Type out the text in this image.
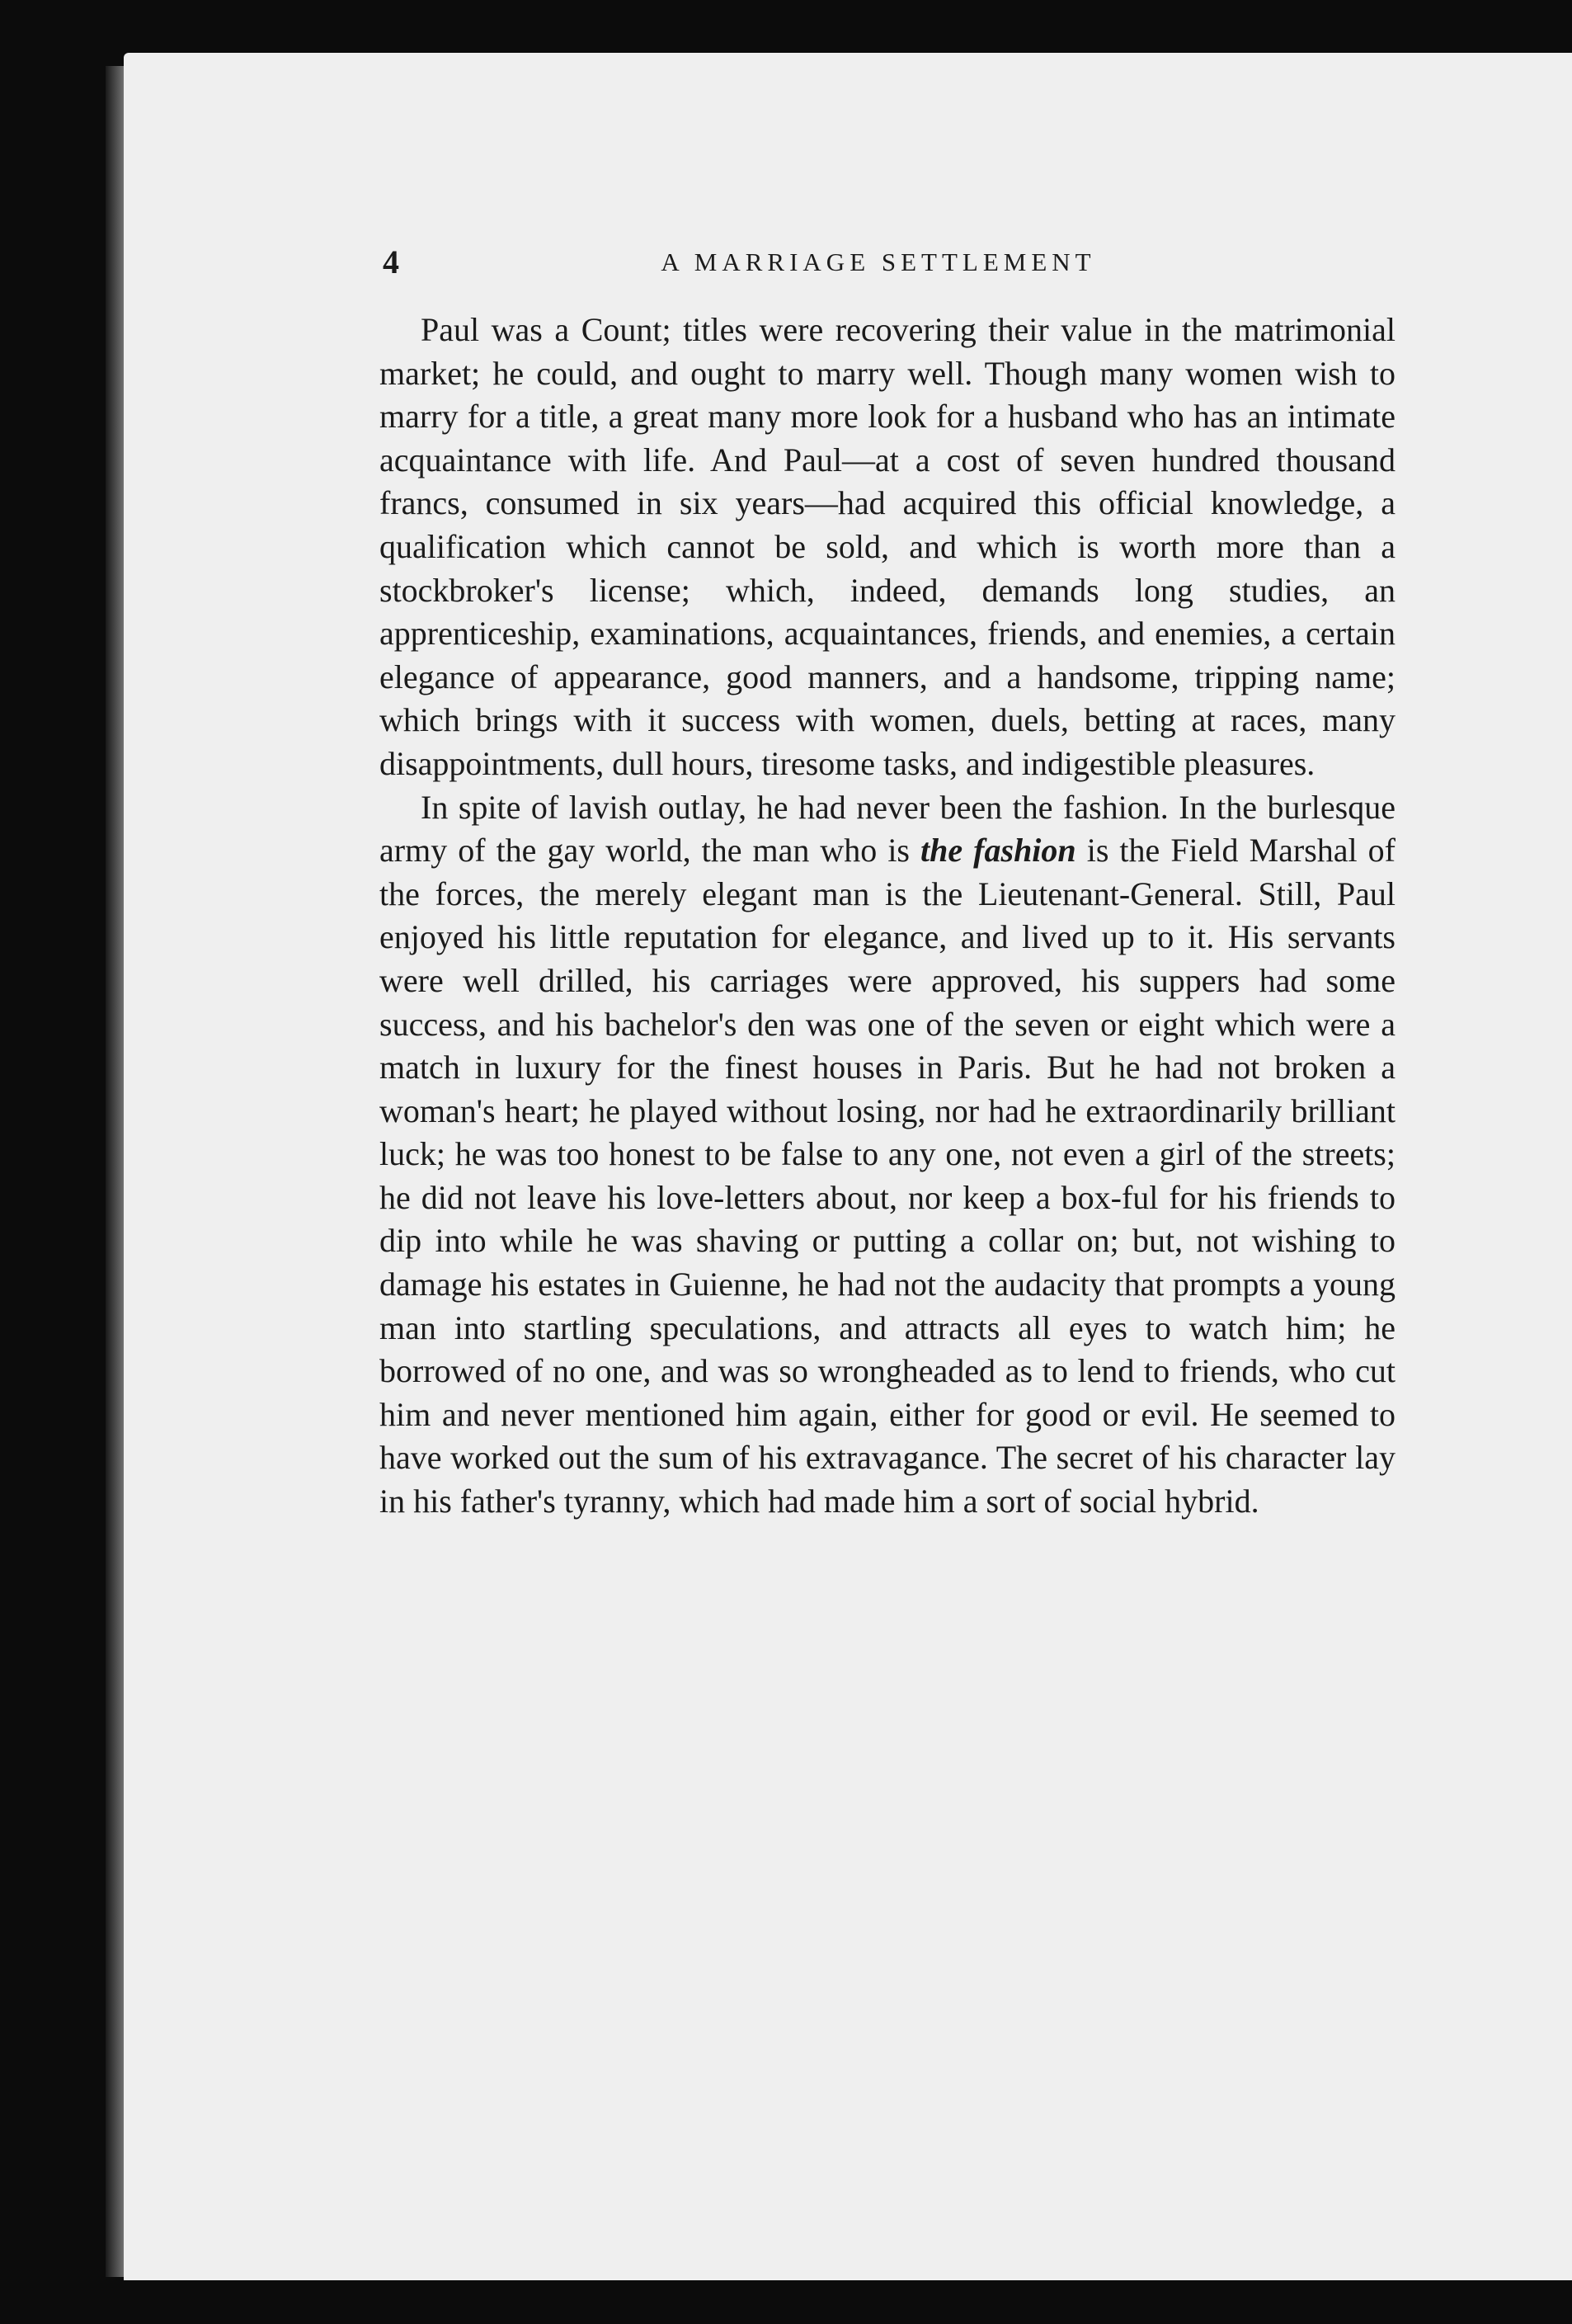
4	A MARRIAGE SETTLEMENT

Paul was a Count; titles were recovering their value in the matrimonial market; he could, and ought to marry well. Though many women wish to marry for a title, a great many more look for a husband who has an intimate acquaintance with life. And Paul—at a cost of seven hundred thousand francs, consumed in six years—had acquired this official knowledge, a qualification which cannot be sold, and which is worth more than a stockbroker's license; which, indeed, demands long studies, an apprenticeship, examinations, acquaintances, friends, and enemies, a certain elegance of appearance, good manners, and a handsome, tripping name; which brings with it success with women, duels, betting at races, many disappointments, dull hours, tiresome tasks, and indigestible pleasures.

In spite of lavish outlay, he had never been the fashion. In the burlesque army of the gay world, the man who is the fashion is the Field Marshal of the forces, the merely elegant man is the Lieutenant-General. Still, Paul enjoyed his little reputation for elegance, and lived up to it. His servants were well drilled, his carriages were approved, his suppers had some success, and his bachelor's den was one of the seven or eight which were a match in luxury for the finest houses in Paris. But he had not broken a woman's heart; he played without losing, nor had he extraordinarily brilliant luck; he was too honest to be false to any one, not even a girl of the streets; he did not leave his love-letters about, nor keep a box-ful for his friends to dip into while he was shaving or putting a collar on; but, not wishing to damage his estates in Guienne, he had not the audacity that prompts a young man into startling speculations, and attracts all eyes to watch him; he borrowed of no one, and was so wrongheaded as to lend to friends, who cut him and never mentioned him again, either for good or evil. He seemed to have worked out the sum of his extravagance. The secret of his character lay in his father's tyranny, which had made him a sort of social hybrid.
